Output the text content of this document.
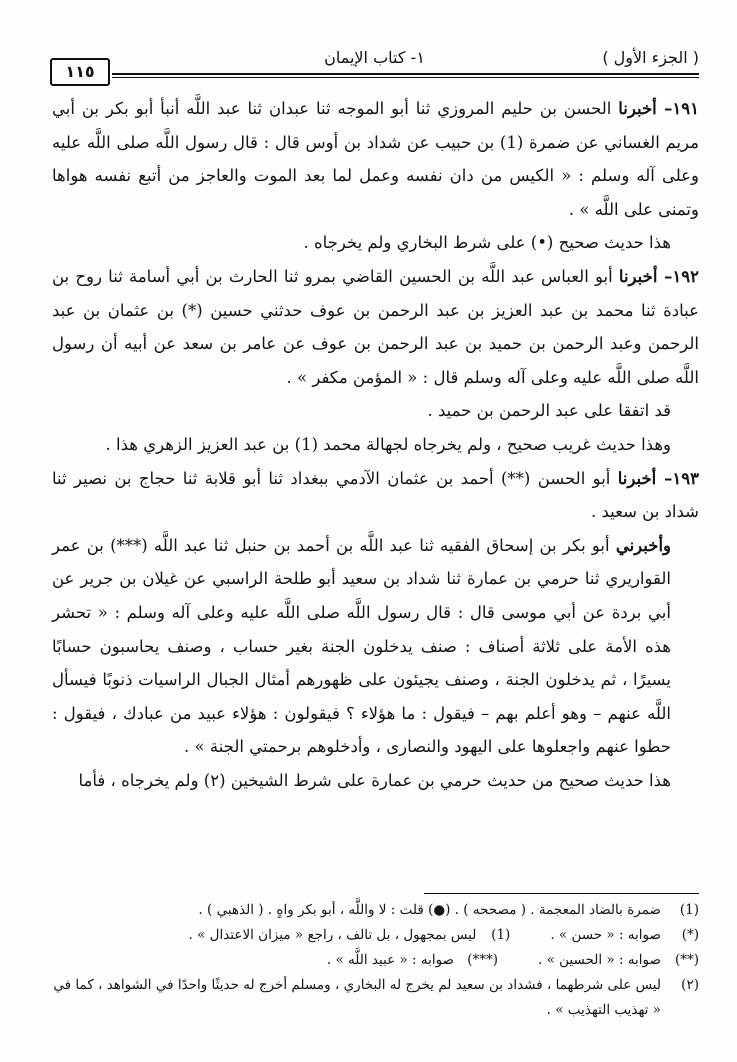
( الجزء الأول )
١- كتاب الإيمان
١١٥

١٩١– أخبرنا الحسن بن حليم المروزي ثنا أبو الموجه ثنا عبدان ثنا عبد اللَّه أنبأ أبو بكر بن أبي مريم الغساني عن ضمرة (1) بن حبيب عن شداد بن أوس قال : قال رسول اللَّه صلى اللَّه عليه وعلى آله وسلم : « الكيس من دان نفسه وعمل لما بعد الموت والعاجز من أتبع نفسه هواها وتمنى على اللَّه » .

هذا حديث صحيح (•) على شرط البخاري ولم يخرجاه .

١٩٢– أخبرنا أبو العباس عبد اللَّه بن الحسين القاضي بمرو ثنا الحارث بن أبي أسامة ثنا روح بن عبادة ثنا محمد بن عبد العزيز بن عبد الرحمن بن عوف حدثني حسين (*) بن عثمان بن عبد الرحمن وعبد الرحمن بن حميد بن عبد الرحمن بن عوف عن عامر بن سعد عن أبيه أن رسول اللَّه صلى اللَّه عليه وعلى آله وسلم قال : « المؤمن مكفر » .

قد اتفقا على عبد الرحمن بن حميد .

وهذا حديث غريب صحيح ، ولم يخرجاه لجهالة محمد (1) بن عبد العزيز الزهري هذا .

١٩٣– أخبرنا أبو الحسن (**) أحمد بن عثمان الآدمي ببغداد ثنا أبو قلابة ثنا حجاج بن نصير ثنا شداد بن سعيد .

وأخبرني أبو بكر بن إسحاق الفقيه ثنا عبد اللَّه بن أحمد بن حنبل ثنا عبد اللَّه (***) بن عمر القواريري ثنا حرمي بن عمارة ثنا شداد بن سعيد أبو طلحة الراسبي عن غيلان بن جرير عن أبي بردة عن أبي موسى قال : قال رسول اللَّه صلى اللَّه عليه وعلى آله وسلم : « تحشر هذه الأمة على ثلاثة أصناف : صنف يدخلون الجنة بغير حساب ، وصنف يحاسبون حسابًا يسيرًا ، ثم يدخلون الجنة ، وصنف يجيئون على ظهورهم أمثال الجبال الراسيات ذنوبًا فيسأل اللَّه عنهم – وهو أعلم بهم – فيقول : ما هؤلاء ؟ فيقولون : هؤلاء عبيد من عبادك ، فيقول : حطوا عنهم واجعلوها على اليهود والنصارى ، وأدخلوهم برحمتي الجنة » .

هذا حديث صحيح من حديث حرمي بن عمارة على شرط الشيخين (٢) ولم يخرجاه ، فأما

(1)
ضمرة بالضاد المعجمة . ( مصححه ) . (●) قلت : لا واللَّه ، أبو بكر واهٍ . ( الذهبي ) .
(*)
صوابه : « حسن » .
(1)
ليس بمجهول ، بل تالف ، راجع « ميزان الاعتدال » .
(**)
صوابه : « الحسين » .
(***)
صوابه : « عبيد اللَّه » .
(٢)
ليس على شرطهما ، فشداد بن سعيد لم يخرج له البخاري ، ومسلم أخرج له حديثًا واحدًا في الشواهد ، كما في « تهذيب التهذيب » .
